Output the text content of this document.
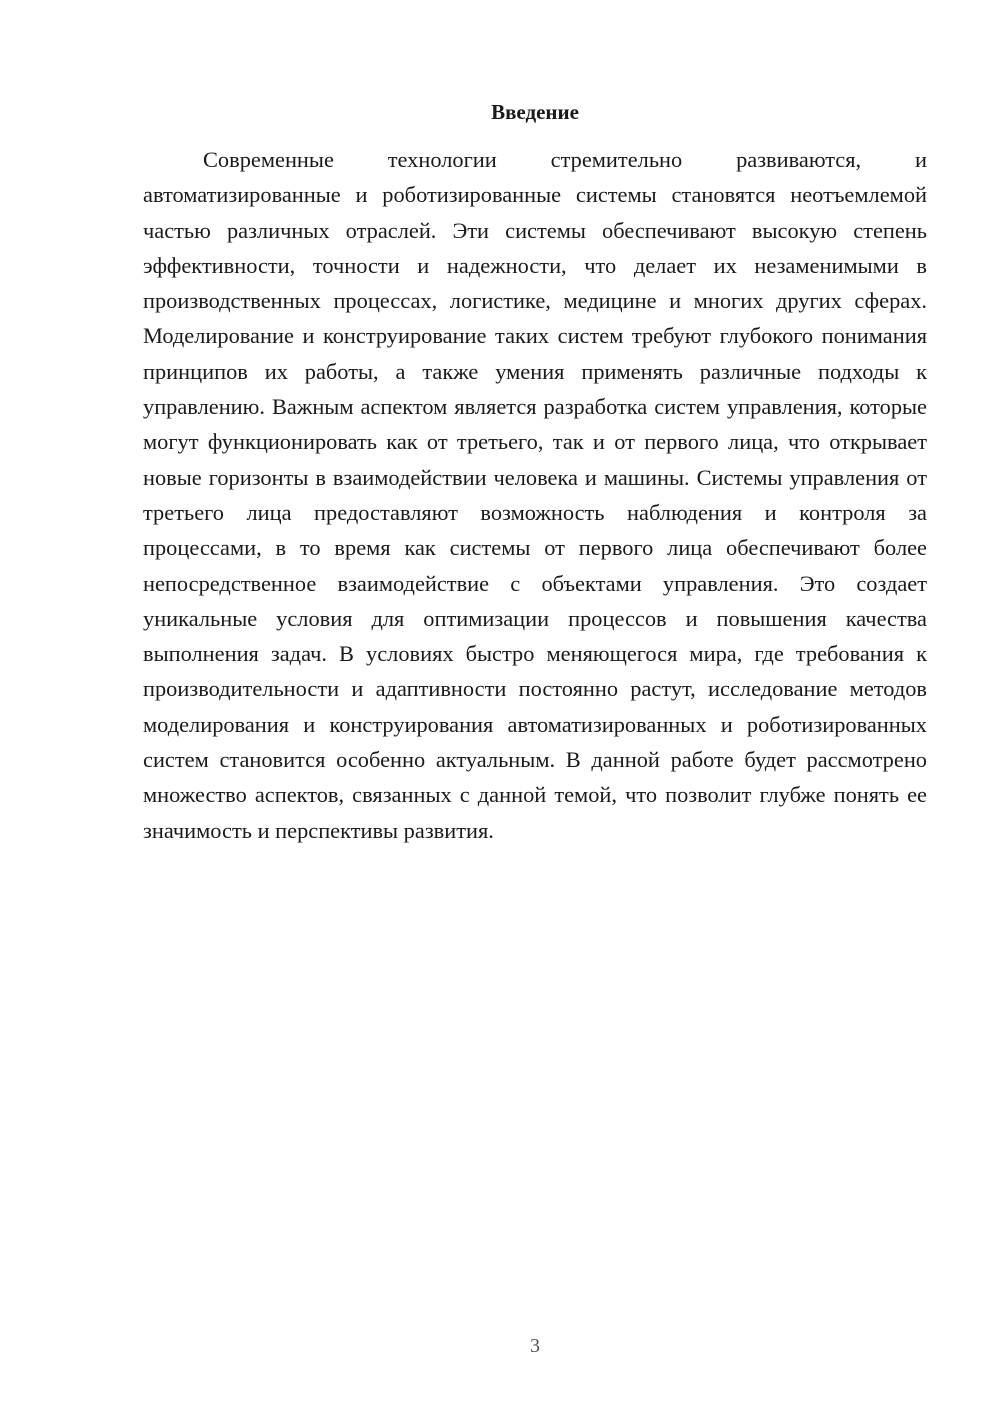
Введение

Современные технологии стремительно развиваются, и автоматизированные и роботизированные системы становятся неотъемлемой частью различных отраслей. Эти системы обеспечивают высокую степень эффективности, точности и надежности, что делает их незаменимыми в производственных процессах, логистике, медицине и многих других сферах. Моделирование и конструирование таких систем требуют глубокого понимания принципов их работы, а также умения применять различные подходы к управлению. Важным аспектом является разработка систем управления, которые могут функционировать как от третьего, так и от первого лица, что открывает новые горизонты в взаимодействии человека и машины. Системы управления от третьего лица предоставляют возможность наблюдения и контроля за процессами, в то время как системы от первого лица обеспечивают более непосредственное взаимодействие с объектами управления. Это создает уникальные условия для оптимизации процессов и повышения качества выполнения задач. В условиях быстро меняющегося мира, где требования к производительности и адаптивности постоянно растут, исследование методов моделирования и конструирования автоматизированных и роботизированных систем становится особенно актуальным. В данной работе будет рассмотрено множество аспектов, связанных с данной темой, что позволит глубже понять ее значимость и перспективы развития.

3
